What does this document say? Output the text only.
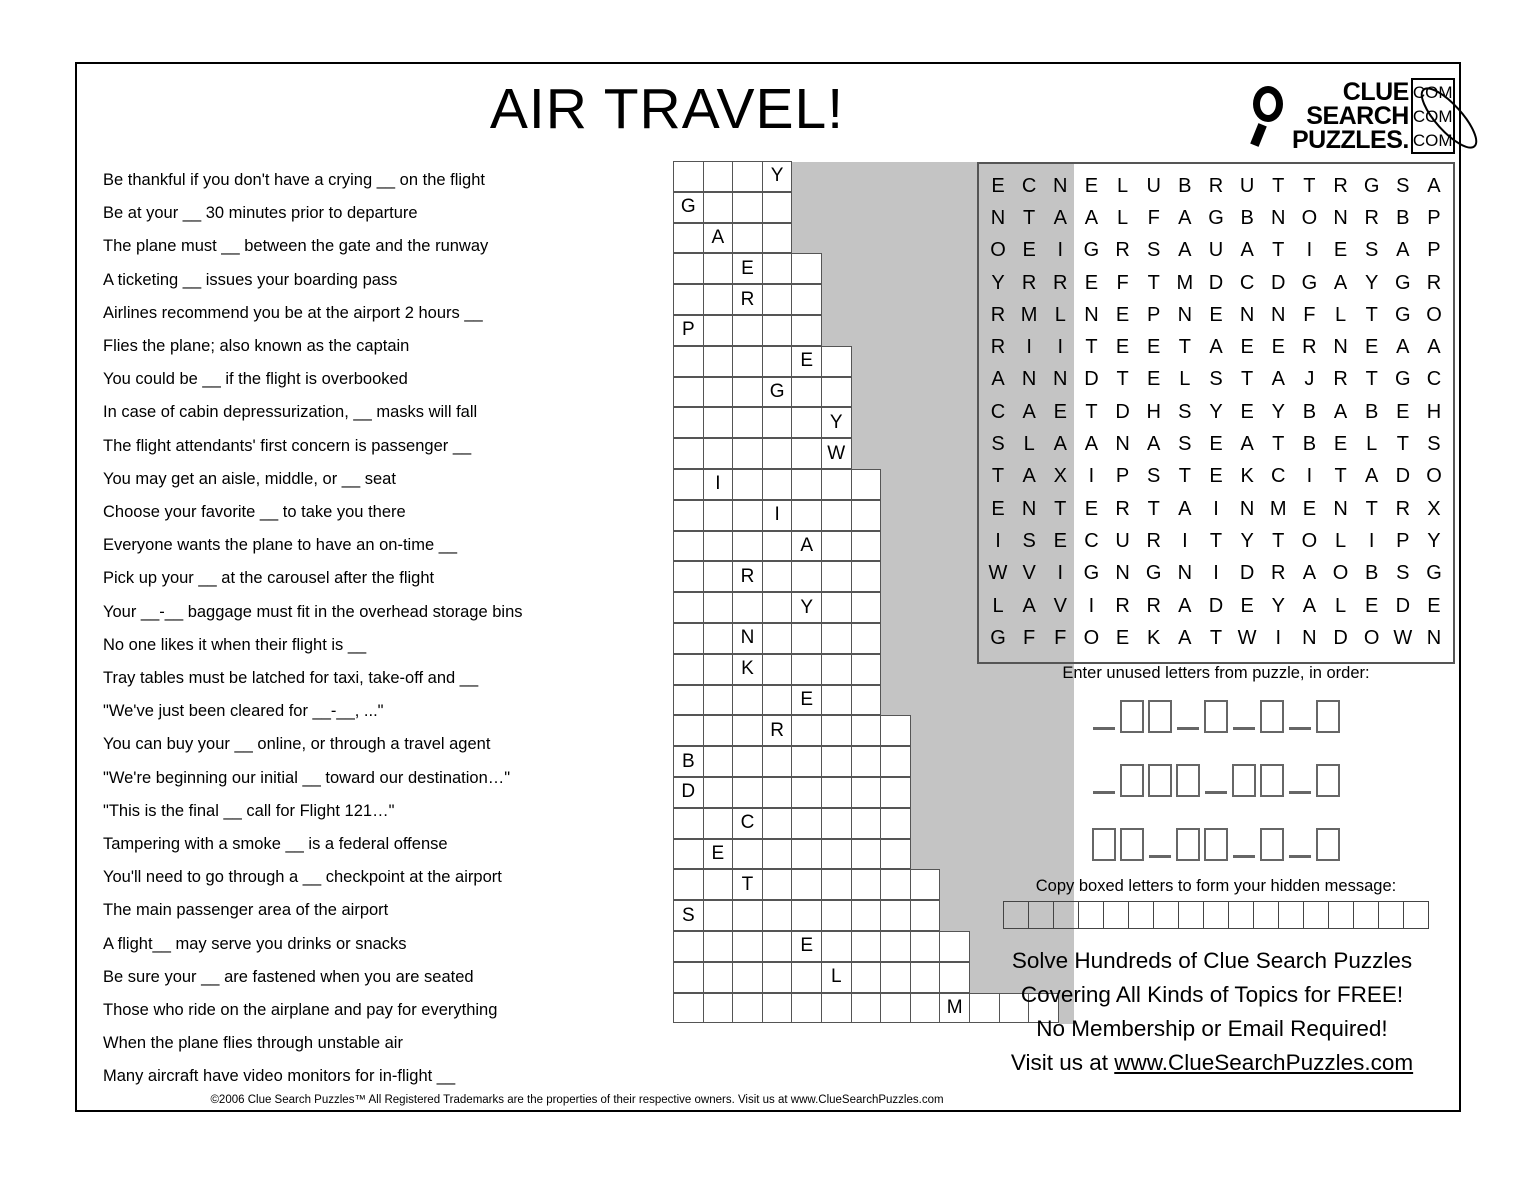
AIR TRAVEL!	CLUE
SEARCH
PUZZLES.
C O M
C O M
C O M
Be thankful if you don't have a crying __ on the flight
Be at your __ 30 minutes prior to departure
The plane must __ between the gate and the runway
A ticketing __ issues your boarding pass
Airlines recommend you be at the airport 2 hours __
Flies the plane; also known as the captain
You could be __ if the flight is overbooked
In case of cabin depressurization, __ masks will fall
The flight attendants' first concern is passenger __
You may get an aisle, middle, or __ seat
Choose your favorite __ to take you there
Everyone wants the plane to have an on-time __
Pick up your __ at the carousel after the flight
Your __-__ baggage must fit in the overhead storage bins
No one likes it when their flight is __
Tray tables must be latched for taxi, take-off and __
"We've just been cleared for __-__, ..."
You can buy your __ online, or through a travel agent
"We're beginning our initial __ toward our destination…"
"This is the final __ call for Flight 121…"
Tampering with a smoke __ is a federal offense
You'll need to go through a __ checkpoint at the airport
The main passenger area of the airport
A flight__ may serve you drinks or snacks
Be sure your __ are fastened when you are seated
Those who ride on the airplane and pay for everything
When the plane flies through unstable air
Many aircraft have video monitors for in-flight __
Y
G
A
E
R
P
E
G
Y
W
I
I
A
R
Y
N
K
E
R
B
D
C
E
T
S
E
L
M
E C N E L U B R U T T R G S A
N T A A L F A G B N O N R B P
O E	I	G R S A U A T	I	E S A P
Y R R E F T M D C D G A Y G R
R M L N E P N E N N F L T G O
R	I	I	T E E T A E E R N E A A
A N N D T E L S T A J R T G C
C A E T D H S Y E Y B A B E H
S L A A N A S E A T B E L T S
T A X	I	P S T E K C	I	T A D O
E N T E R T A	I	N M E N T R X
I	S E C U R	I	T Y T O L	I	P Y
W V	I	G N G N	I	D R A O B S G
L A V	I	R R A D E Y A L E D E
G F F O E K A T W I	N D O W N
Enter unused letters from puzzle, in order:
Copy boxed letters to form your hidden message:
Solve Hundreds of Clue Search Puzzles
Covering All Kinds of Topics for FREE!
No Membership or Email Required!
Visit us at www.ClueSearchPuzzles.com
©2006 Clue Search Puzzles™ All Registered Trademarks are the properties of their respective owners. Visit us at www.ClueSearchPuzzles.com
